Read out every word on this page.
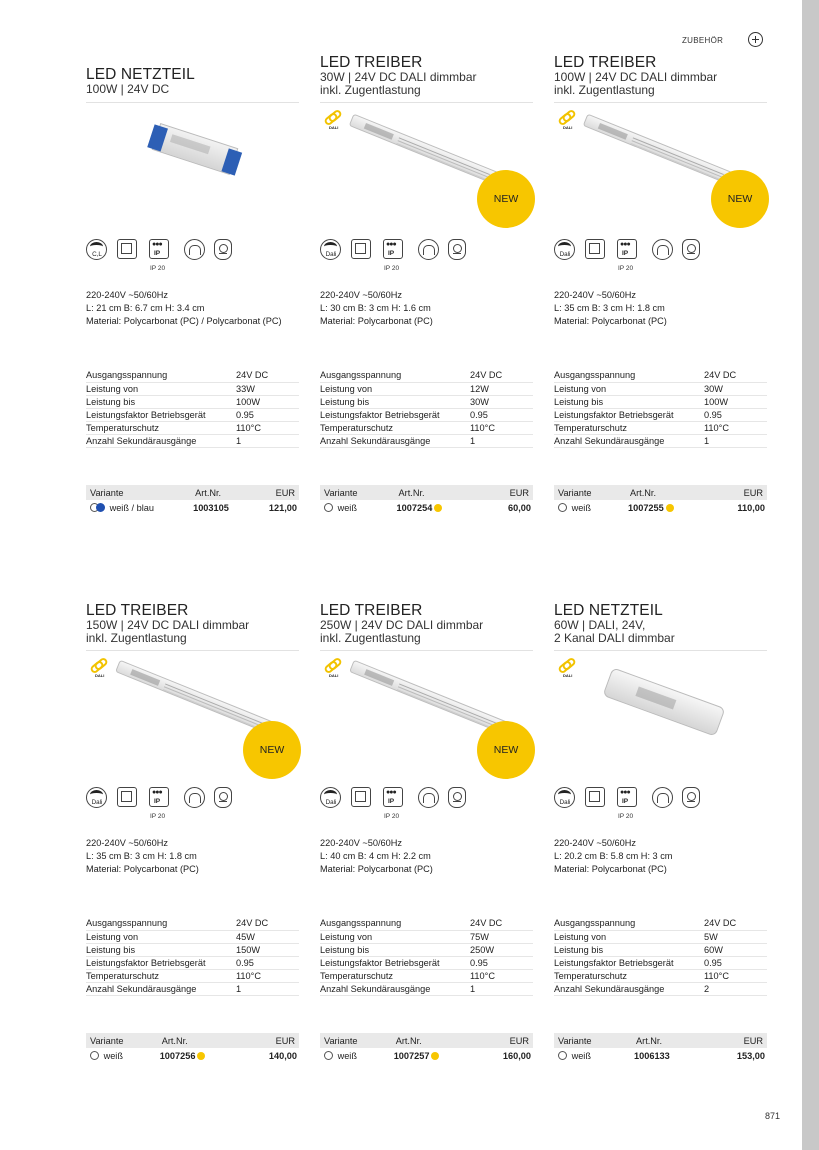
ZUBEHÖR
871
LED NETZTEIL
100W | 24V DC
C,L
●●●
IP
IP 20
220-240V ~50/60Hz
L: 21 cm B: 6.7 cm H: 3.4 cm
Material: Polycarbonat (PC) / Polycarbonat (PC)
Ausgangsspannung	24V DC
Leistung von	33W
Leistung bis	100W
Leistungsfaktor Betriebsgerät	0.95
Temperaturschutz	110°C
Anzahl Sekundärausgänge	1
Variante	Art.Nr.	EUR
weiß / blau	1003105	121,00
LED TREIBER
30W | 24V DC DALI dimmbar
inkl. Zugentlastung
DALI
NEW
Dali
●●●
IP
IP 20
220-240V ~50/60Hz
L: 30 cm B: 3 cm H: 1.6 cm
Material: Polycarbonat (PC)
Ausgangsspannung	24V DC
Leistung von	12W
Leistung bis	30W
Leistungsfaktor Betriebsgerät	0.95
Temperaturschutz	110°C
Anzahl Sekundärausgänge	1
Variante	Art.Nr.	EUR
weiß	1007254	60,00
LED TREIBER
100W | 24V DC DALI dimmbar
inkl. Zugentlastung
DALI
NEW
Dali
●●●
IP
IP 20
220-240V ~50/60Hz
L: 35 cm B: 3 cm H: 1.8 cm
Material: Polycarbonat (PC)
Ausgangsspannung	24V DC
Leistung von	30W
Leistung bis	100W
Leistungsfaktor Betriebsgerät	0.95
Temperaturschutz	110°C
Anzahl Sekundärausgänge	1
Variante	Art.Nr.	EUR
weiß	1007255	110,00
LED TREIBER
150W | 24V DC DALI dimmbar
inkl. Zugentlastung
DALI
NEW
Dali
●●●
IP
IP 20
220-240V ~50/60Hz
L: 35 cm B: 3 cm H: 1.8 cm
Material: Polycarbonat (PC)
Ausgangsspannung	24V DC
Leistung von	45W
Leistung bis	150W
Leistungsfaktor Betriebsgerät	0.95
Temperaturschutz	110°C
Anzahl Sekundärausgänge	1
Variante	Art.Nr.	EUR
weiß	1007256	140,00
LED TREIBER
250W | 24V DC DALI dimmbar
inkl. Zugentlastung
DALI
NEW
Dali
●●●
IP
IP 20
220-240V ~50/60Hz
L: 40 cm B: 4 cm H: 2.2 cm
Material: Polycarbonat (PC)
Ausgangsspannung	24V DC
Leistung von	75W
Leistung bis	250W
Leistungsfaktor Betriebsgerät	0.95
Temperaturschutz	110°C
Anzahl Sekundärausgänge	1
Variante	Art.Nr.	EUR
weiß	1007257	160,00
LED NETZTEIL
60W | DALI, 24V,
2 Kanal DALI dimmbar
DALI
Dali
●●●
IP
IP 20
220-240V ~50/60Hz
L: 20.2 cm B: 5.8 cm H: 3 cm
Material: Polycarbonat (PC)
Ausgangsspannung	24V DC
Leistung von	5W
Leistung bis	60W
Leistungsfaktor Betriebsgerät	0.95
Temperaturschutz	110°C
Anzahl Sekundärausgänge	2
Variante	Art.Nr.	EUR
weiß	1006133	153,00
